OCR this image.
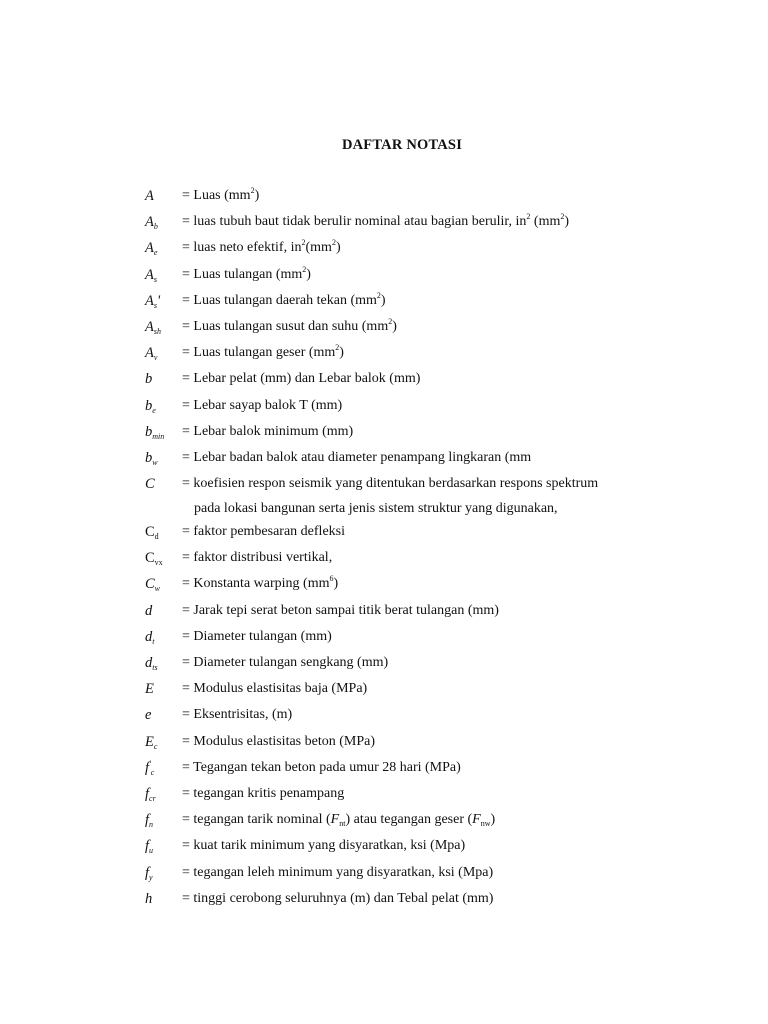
DAFTAR NOTASI
A = Luas $(mm^2)$
$A_b$ = luas tubuh baut tidak berulir nominal atau bagian berulir, $in^2$ $(mm^2)$
$A_e$ = luas neto efektif, $in^2(mm^2)$
$A_s$ = Luas tulangan $(mm^2)$
$A_s'$ = Luas tulangan daerah tekan $(mm^2)$
$A_{sh}$ = Luas tulangan susut dan suhu $(mm^2)$
$A_v$ = Luas tulangan geser $(mm^2)$
b = Lebar pelat (mm) dan Lebar balok (mm)
$b_e$ = Lebar sayap balok T (mm)
$b_{min}$ = Lebar balok minimum (mm)
$b_w$ = Lebar badan balok atau diameter penampang lingkaran (mm
C = koefisien respon seismik yang ditentukan berdasarkan respons spektrum
pada lokasi bangunan serta jenis sistem struktur yang digunakan,
$C_d$ = faktor pembesaran defleksi
$C_{vx}$ = faktor distribusi vertikal,
$C_w$ = Konstanta warping $(mm^6)$
d = Jarak tepi serat beton sampai titik berat tulangan (mm)
$d_t$ = Diameter tulangan (mm)
$d_{ts}$ = Diameter tulangan sengkang (mm)
E = Modulus elastisitas baja (MPa)
e = Eksentrisitas, (m)
$E_c$ = Modulus elastisitas beton (MPa)
$f'_c$ = Tegangan tekan beton pada umur 28 hari (MPa)
$f_{cr}$ = tegangan kritis penampang
$f_n$ = tegangan tarik nominal $(F_{nt})$ atau tegangan geser $(F_{nw})$
$f_u$ = kuat tarik minimum yang disyaratkan, ksi (Mpa)
$f_y$ = tegangan leleh minimum yang disyaratkan, ksi (Mpa)
h = tinggi cerobong seluruhnya (m) dan Tebal pelat (mm)
